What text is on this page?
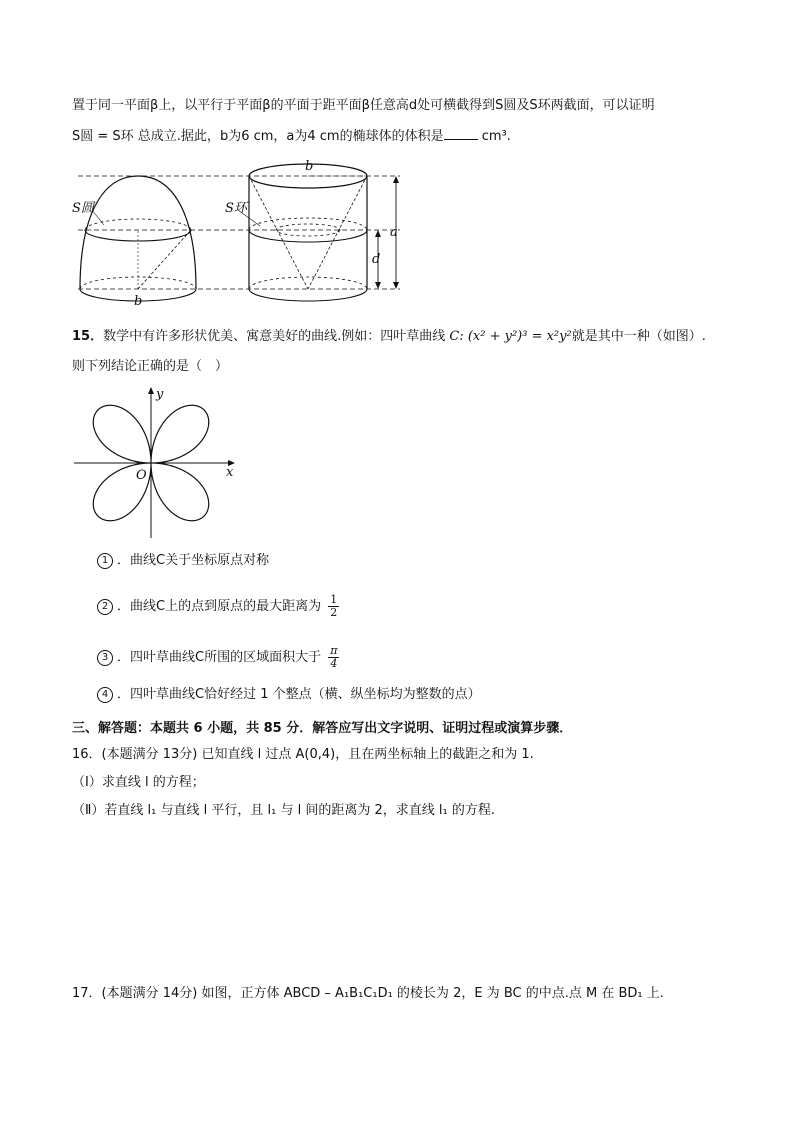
置于同一平面β上，以平行于平面β的平面于距平面β任意高d处可横截得到S圆及S环两截面，可以证明
S圆 = S环 总成立.据此，b为6 cm，a为4 cm的椭球体的体积是	cm³.
S圆
b
S环
b
a
d
15．数学中有许多形状优美、寓意美好的曲线.例如：四叶草曲线 C: (x² + y²)³ = x²y²就是其中一种（如图）.
则下列结论正确的是（　）
y
x
O
1 ．曲线C关于坐标原点对称
2 ．曲线C上的点到原点的最大距离为 $\frac{1}{2}$
3 ．四叶草曲线C所围的区域面积大于 $\frac{\pi}{4}$
4 ．四叶草曲线C恰好经过 1 个整点（横、纵坐标均为整数的点）
三、解答题：本题共 6 小题，共 85 分．解答应写出文字说明、证明过程或演算步骤．
16．(本题满分 13分) 已知直线 l 过点 A(0,4)，且在两坐标轴上的截距之和为 1.
（Ⅰ）求直线 l 的方程；
（Ⅱ）若直线 l₁ 与直线 l 平行，且 l₁ 与 l 间的距离为 2，求直线 l₁ 的方程.
17．(本题满分 14分) 如图，正方体 ABCD – A₁B₁C₁D₁ 的棱长为 2，E 为 BC 的中点.点 M 在 BD₁ 上.
